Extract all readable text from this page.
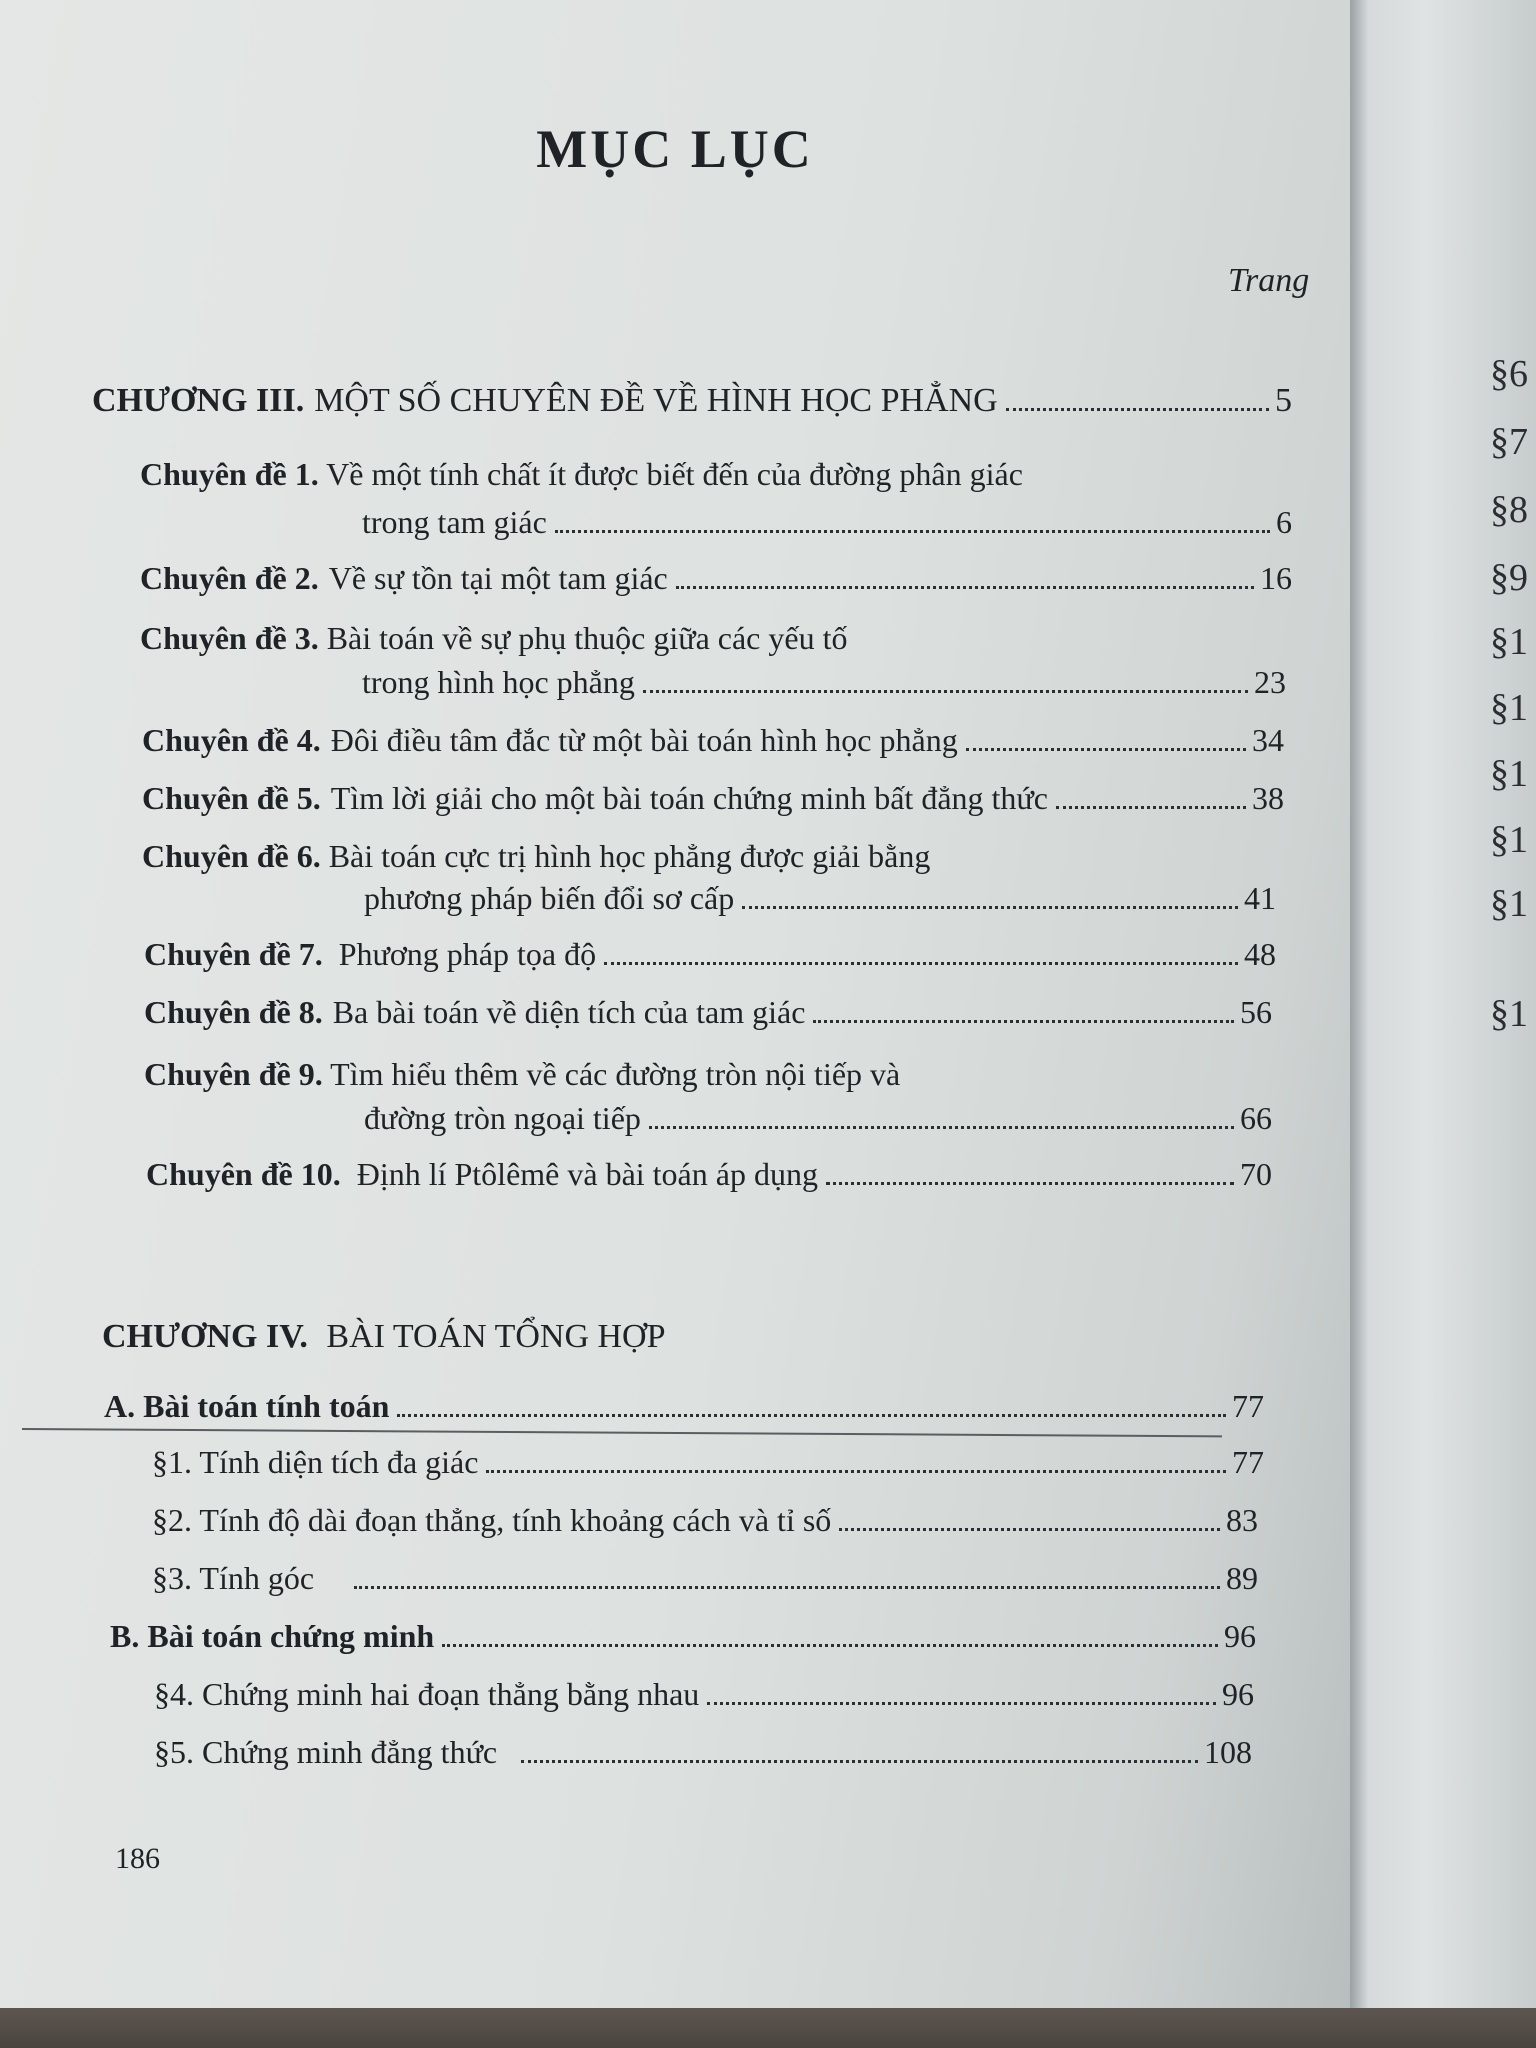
MỤC LỤC
Trang
CHƯƠNG III. MỘT SỐ CHUYÊN ĐỀ VỀ HÌNH HỌC PHẲNG	5
Chuyên đề 1. Về một tính chất ít được biết đến của đường phân giác
trong tam giác	6
Chuyên đề 2. Về sự tồn tại một tam giác	16
Chuyên đề 3. Bài toán về sự phụ thuộc giữa các yếu tố
trong hình học phẳng	23
Chuyên đề 4. Đôi điều tâm đắc từ một bài toán hình học phẳng	34
Chuyên đề 5. Tìm lời giải cho một bài toán chứng minh bất đẳng thức	38
Chuyên đề 6. Bài toán cực trị hình học phẳng được giải bằng
phương pháp biến đổi sơ cấp	41
Chuyên đề 7. Phương pháp tọa độ	48
Chuyên đề 8. Ba bài toán về diện tích của tam giác	56
Chuyên đề 9. Tìm hiểu thêm về các đường tròn nội tiếp và
đường tròn ngoại tiếp	66
Chuyên đề 10. Định lí Ptôlêmê và bài toán áp dụng	70
CHƯƠNG IV. BÀI TOÁN TỔNG HỢP
A. Bài toán tính toán	77
§1. Tính diện tích đa giác	77
§2. Tính độ dài đoạn thẳng, tính khoảng cách và tỉ số	83
§3. Tính góc	89
B. Bài toán chứng minh	96
§4. Chứng minh hai đoạn thẳng bằng nhau	96
§5. Chứng minh đẳng thức	108
186
§6
§7
§8
§9
§1
§1
§1
§1
§1
§1
